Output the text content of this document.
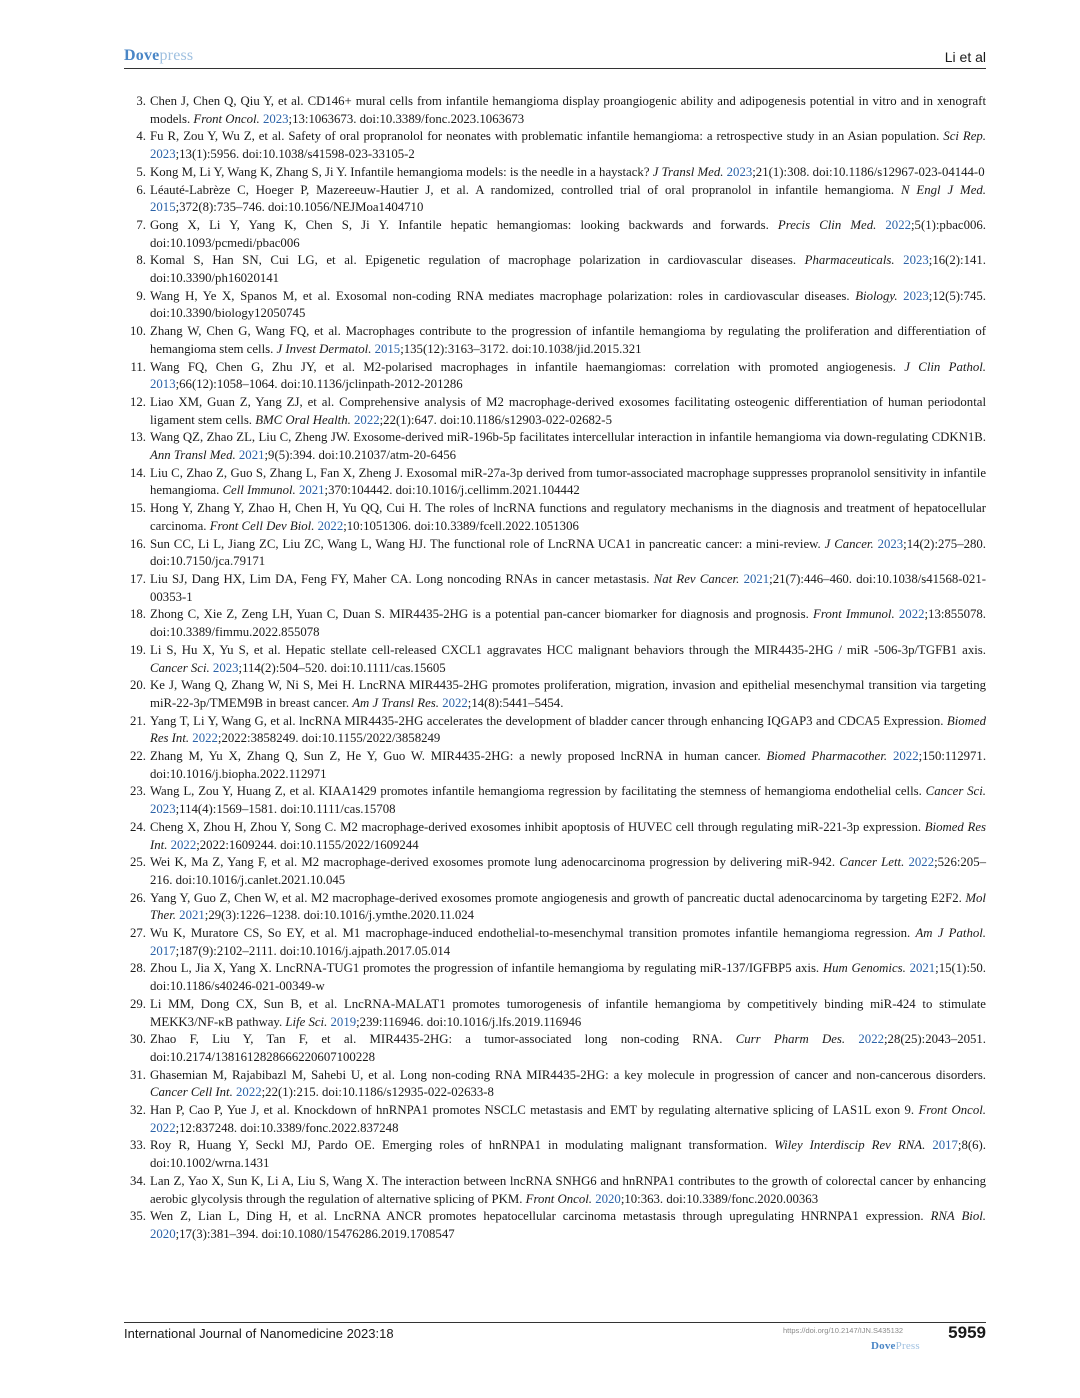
Dovepress	Li et al
3. Chen J, Chen Q, Qiu Y, et al. CD146+ mural cells from infantile hemangioma display proangiogenic ability and adipogenesis potential in vitro and in xenograft models. Front Oncol. 2023;13:1063673. doi:10.3389/fonc.2023.1063673
4. Fu R, Zou Y, Wu Z, et al. Safety of oral propranolol for neonates with problematic infantile hemangioma: a retrospective study in an Asian population. Sci Rep. 2023;13(1):5956. doi:10.1038/s41598-023-33105-2
5. Kong M, Li Y, Wang K, Zhang S, Ji Y. Infantile hemangioma models: is the needle in a haystack? J Transl Med. 2023;21(1):308. doi:10.1186/s12967-023-04144-0
6. Léauté-Labrèze C, Hoeger P, Mazereeuw-Hautier J, et al. A randomized, controlled trial of oral propranolol in infantile hemangioma. N Engl J Med. 2015;372(8):735–746. doi:10.1056/NEJMoa1404710
7. Gong X, Li Y, Yang K, Chen S, Ji Y. Infantile hepatic hemangiomas: looking backwards and forwards. Precis Clin Med. 2022;5(1):pbac006. doi:10.1093/pcmedi/pbac006
8. Komal S, Han SN, Cui LG, et al. Epigenetic regulation of macrophage polarization in cardiovascular diseases. Pharmaceuticals. 2023;16(2):141. doi:10.3390/ph16020141
9. Wang H, Ye X, Spanos M, et al. Exosomal non-coding RNA mediates macrophage polarization: roles in cardiovascular diseases. Biology. 2023;12(5):745. doi:10.3390/biology12050745
10. Zhang W, Chen G, Wang FQ, et al. Macrophages contribute to the progression of infantile hemangioma by regulating the proliferation and differentiation of hemangioma stem cells. J Invest Dermatol. 2015;135(12):3163–3172. doi:10.1038/jid.2015.321
11. Wang FQ, Chen G, Zhu JY, et al. M2-polarised macrophages in infantile haemangiomas: correlation with promoted angiogenesis. J Clin Pathol. 2013;66(12):1058–1064. doi:10.1136/jclinpath-2012-201286
12. Liao XM, Guan Z, Yang ZJ, et al. Comprehensive analysis of M2 macrophage-derived exosomes facilitating osteogenic differentiation of human periodontal ligament stem cells. BMC Oral Health. 2022;22(1):647. doi:10.1186/s12903-022-02682-5
13. Wang QZ, Zhao ZL, Liu C, Zheng JW. Exosome-derived miR-196b-5p facilitates intercellular interaction in infantile hemangioma via down-regulating CDKN1B. Ann Transl Med. 2021;9(5):394. doi:10.21037/atm-20-6456
14. Liu C, Zhao Z, Guo S, Zhang L, Fan X, Zheng J. Exosomal miR-27a-3p derived from tumor-associated macrophage suppresses propranolol sensitivity in infantile hemangioma. Cell Immunol. 2021;370:104442. doi:10.1016/j.cellimm.2021.104442
15. Hong Y, Zhang Y, Zhao H, Chen H, Yu QQ, Cui H. The roles of lncRNA functions and regulatory mechanisms in the diagnosis and treatment of hepatocellular carcinoma. Front Cell Dev Biol. 2022;10:1051306. doi:10.3389/fcell.2022.1051306
16. Sun CC, Li L, Jiang ZC, Liu ZC, Wang L, Wang HJ. The functional role of LncRNA UCA1 in pancreatic cancer: a mini-review. J Cancer. 2023;14(2):275–280. doi:10.7150/jca.79171
17. Liu SJ, Dang HX, Lim DA, Feng FY, Maher CA. Long noncoding RNAs in cancer metastasis. Nat Rev Cancer. 2021;21(7):446–460. doi:10.1038/s41568-021-00353-1
18. Zhong C, Xie Z, Zeng LH, Yuan C, Duan S. MIR4435-2HG is a potential pan-cancer biomarker for diagnosis and prognosis. Front Immunol. 2022;13:855078. doi:10.3389/fimmu.2022.855078
19. Li S, Hu X, Yu S, et al. Hepatic stellate cell-released CXCL1 aggravates HCC malignant behaviors through the MIR4435-2HG / miR -506-3p/TGFB1 axis. Cancer Sci. 2023;114(2):504–520. doi:10.1111/cas.15605
20. Ke J, Wang Q, Zhang W, Ni S, Mei H. LncRNA MIR4435-2HG promotes proliferation, migration, invasion and epithelial mesenchymal transition via targeting miR-22-3p/TMEM9B in breast cancer. Am J Transl Res. 2022;14(8):5441–5454.
21. Yang T, Li Y, Wang G, et al. lncRNA MIR4435-2HG accelerates the development of bladder cancer through enhancing IQGAP3 and CDCA5 Expression. Biomed Res Int. 2022;2022:3858249. doi:10.1155/2022/3858249
22. Zhang M, Yu X, Zhang Q, Sun Z, He Y, Guo W. MIR4435-2HG: a newly proposed lncRNA in human cancer. Biomed Pharmacother. 2022;150:112971. doi:10.1016/j.biopha.2022.112971
23. Wang L, Zou Y, Huang Z, et al. KIAA1429 promotes infantile hemangioma regression by facilitating the stemness of hemangioma endothelial cells. Cancer Sci. 2023;114(4):1569–1581. doi:10.1111/cas.15708
24. Cheng X, Zhou H, Zhou Y, Song C. M2 macrophage-derived exosomes inhibit apoptosis of HUVEC cell through regulating miR-221-3p expression. Biomed Res Int. 2022;2022:1609244. doi:10.1155/2022/1609244
25. Wei K, Ma Z, Yang F, et al. M2 macrophage-derived exosomes promote lung adenocarcinoma progression by delivering miR-942. Cancer Lett. 2022;526:205–216. doi:10.1016/j.canlet.2021.10.045
26. Yang Y, Guo Z, Chen W, et al. M2 macrophage-derived exosomes promote angiogenesis and growth of pancreatic ductal adenocarcinoma by targeting E2F2. Mol Ther. 2021;29(3):1226–1238. doi:10.1016/j.ymthe.2020.11.024
27. Wu K, Muratore CS, So EY, et al. M1 macrophage-induced endothelial-to-mesenchymal transition promotes infantile hemangioma regression. Am J Pathol. 2017;187(9):2102–2111. doi:10.1016/j.ajpath.2017.05.014
28. Zhou L, Jia X, Yang X. LncRNA-TUG1 promotes the progression of infantile hemangioma by regulating miR-137/IGFBP5 axis. Hum Genomics. 2021;15(1):50. doi:10.1186/s40246-021-00349-w
29. Li MM, Dong CX, Sun B, et al. LncRNA-MALAT1 promotes tumorogenesis of infantile hemangioma by competitively binding miR-424 to stimulate MEKK3/NF-κB pathway. Life Sci. 2019;239:116946. doi:10.1016/j.lfs.2019.116946
30. Zhao F, Liu Y, Tan F, et al. MIR4435-2HG: a tumor-associated long non-coding RNA. Curr Pharm Des. 2022;28(25):2043–2051. doi:10.2174/1381612828666220607100228
31. Ghasemian M, Rajabibazl M, Sahebi U, et al. Long non-coding RNA MIR4435-2HG: a key molecule in progression of cancer and non-cancerous disorders. Cancer Cell Int. 2022;22(1):215. doi:10.1186/s12935-022-02633-8
32. Han P, Cao P, Yue J, et al. Knockdown of hnRNPA1 promotes NSCLC metastasis and EMT by regulating alternative splicing of LAS1L exon 9. Front Oncol. 2022;12:837248. doi:10.3389/fonc.2022.837248
33. Roy R, Huang Y, Seckl MJ, Pardo OE. Emerging roles of hnRNPA1 in modulating malignant transformation. Wiley Interdiscip Rev RNA. 2017;8(6). doi:10.1002/wrna.1431
34. Lan Z, Yao X, Sun K, Li A, Liu S, Wang X. The interaction between lncRNA SNHG6 and hnRNPA1 contributes to the growth of colorectal cancer by enhancing aerobic glycolysis through the regulation of alternative splicing of PKM. Front Oncol. 2020;10:363. doi:10.3389/fonc.2020.00363
35. Wen Z, Lian L, Ding H, et al. LncRNA ANCR promotes hepatocellular carcinoma metastasis through upregulating HNRNPA1 expression. RNA Biol. 2020;17(3):381–394. doi:10.1080/15476286.2019.1708547
International Journal of Nanomedicine 2023:18	https://doi.org/10.2147/IJN.S435132
DovePress
5959
